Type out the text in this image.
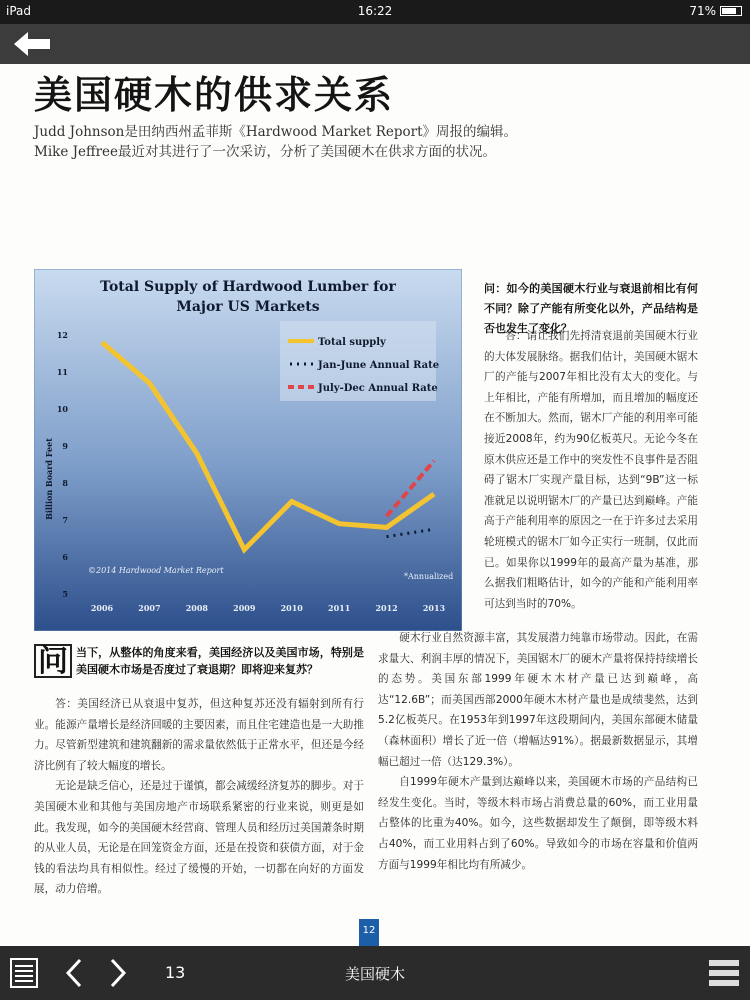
iPad	16:22	71%
美国硬木的供求关系
Judd Johnson是田纳西州孟菲斯《Hardwood Market Report》周报的编辑。
Mike Jeffree最近对其进行了一次采访，分析了美国硬木在供求方面的状况。
Total Supply of Hardwood Lumber for
Major US Markets
Billion Board Feet
5
6
7
8
9
10
11
12
2006	2007	2008	2009	2010	2011	2012	2013
Total supply
Jan-June Annual Rate
July-Dec Annual Rate
©2014 Hardwood Market Report
*Annualized
问：如今的美国硬木行业与衰退前相比有何不同？除了产能有所变化以外，产品结构是否也发生了变化？
答：请让我们先捋清衰退前美国硬木行业的大体发展脉络。据我们估计，美国硬木锯木厂的产能与2007年相比没有太大的变化。与上年相比，产能有所增加，而且增加的幅度还在不断加大。然而，锯木厂产能的利用率可能接近2008年，约为90亿板英尺。无论今冬在原木供应还是工作中的突发性不良事件是否阻碍了锯木厂实现产量目标，达到“9B”这一标准就足以说明锯木厂的产量已达到巅峰。产能高于产能利用率的原因之一在于许多过去采用轮班模式的锯木厂如今正实行一班制，仅此而已。如果你以1999年的最高产量为基准，那么据我们粗略估计，如今的产能和产能利用率可达到当时的70%。
硬木行业自然资源丰富，其发展潜力纯靠市场带动。因此，在需求量大、利润丰厚的情况下，美国锯木厂的硬木产量将保持持续增长的态势。美国东部1999年硬木木材产量已达到巅峰，高达“12.6B”；而美国西部2000年硬木木材产量也是成绩斐然，达到5.2亿板英尺。在1953年到1997年这段期间内，美国东部硬木储量（森林面积）增长了近一倍（增幅达91%）。据最新数据显示，其增幅已超过一倍（达129.3%）。
自1999年硬木产量到达巅峰以来，美国硬木市场的产品结构已经发生变化。当时，等级木料市场占消费总量的60%，而工业用量占整体的比重为40%。如今，这些数据却发生了颠倒，即等级木料占40%，而工业用料占到了60%。导致如今的市场在容量和价值两方面与1999年相比均有所减少。
问 当下，从整体的角度来看，美国经济以及美国市场，特别是美国硬木市场是否度过了衰退期？即将迎来复苏？
答：美国经济已从衰退中复苏，但这种复苏还没有辐射到所有行业。能源产量增长是经济回暖的主要因素，而且住宅建造也是一大助推力。尽管新型建筑和建筑翻新的需求量依然低于正常水平，但还是今经济比例有了较大幅度的增长。
无论是缺乏信心，还是过于谨慎，都会减缓经济复苏的脚步。对于美国硬木业和其他与美国房地产市场联系紧密的行业来说，则更是如此。我发现，如今的美国硬木经营商、管理人员和经历过美国萧条时期的从业人员，无论是在回笼资金方面，还是在投资和获债方面，对于金钱的看法均具有相似性。经过了缓慢的开始，一切都在向好的方面发展，动力倍增。
12
13	美国硬木
